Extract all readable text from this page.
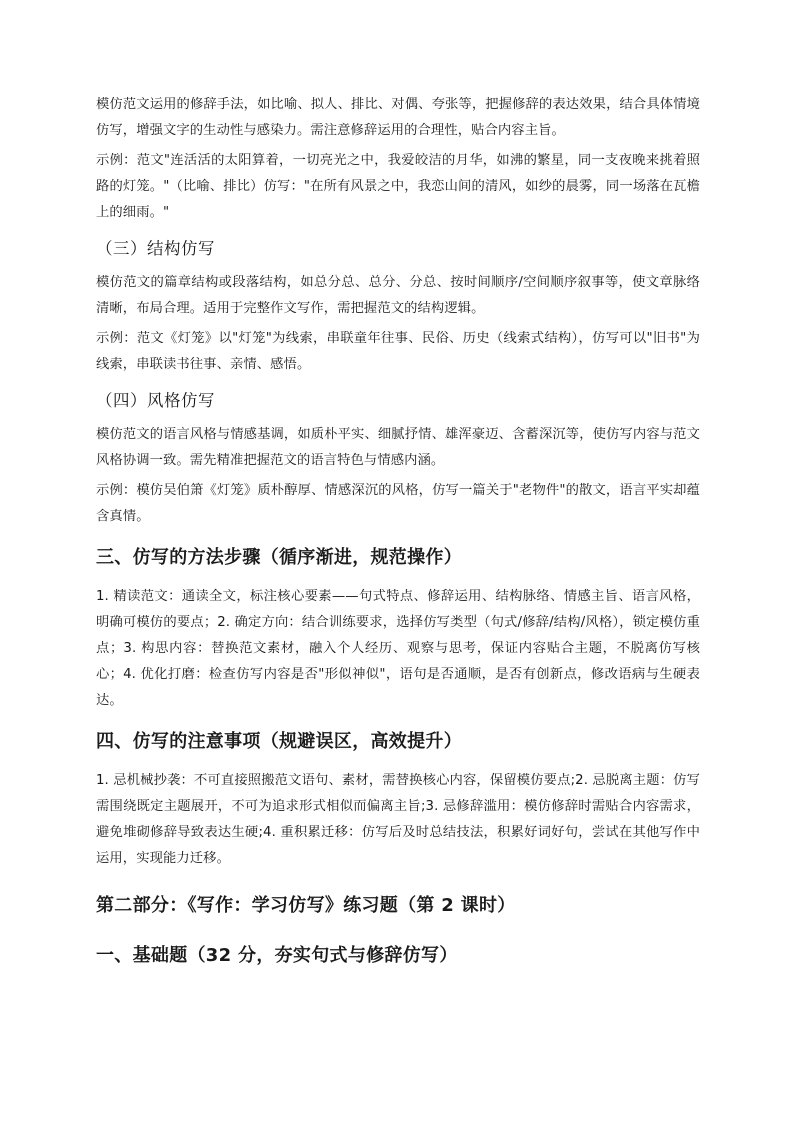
模仿范文运用的修辞手法，如比喻、拟人、排比、对偶、夸张等，把握修辞的表达效果，结合具体情境仿写，增强文字的生动性与感染力。需注意修辞运用的合理性，贴合内容主旨。

示例：范文"连活活的太阳算着，一切亮光之中，我爱皎洁的月华，如沸的繁星，同一支夜晚来挑着照路的灯笼。"（比喻、排比）仿写："在所有风景之中，我恋山间的清风，如纱的晨雾，同一场落在瓦檐上的细雨。"

（三）结构仿写

模仿范文的篇章结构或段落结构，如总分总、总分、分总、按时间顺序/空间顺序叙事等，使文章脉络清晰，布局合理。适用于完整作文写作，需把握范文的结构逻辑。

示例：范文《灯笼》以"灯笼"为线索，串联童年往事、民俗、历史（线索式结构），仿写可以"旧书"为线索，串联读书往事、亲情、感悟。

（四）风格仿写

模仿范文的语言风格与情感基调，如质朴平实、细腻抒情、雄浑豪迈、含蓄深沉等，使仿写内容与范文风格协调一致。需先精准把握范文的语言特色与情感内涵。

示例：模仿吴伯箫《灯笼》质朴醇厚、情感深沉的风格，仿写一篇关于"老物件"的散文，语言平实却蕴含真情。

三、仿写的方法步骤（循序渐进，规范操作）

1. 精读范文：通读全文，标注核心要素——句式特点、修辞运用、结构脉络、情感主旨、语言风格，明确可模仿的要点；2. 确定方向：结合训练要求，选择仿写类型（句式/修辞/结构/风格），锁定模仿重点；3. 构思内容：替换范文素材，融入个人经历、观察与思考，保证内容贴合主题，不脱离仿写核心；4. 优化打磨：检查仿写内容是否"形似神似"，语句是否通顺，是否有创新点，修改语病与生硬表达。

四、仿写的注意事项（规避误区，高效提升）

1. 忌机械抄袭：不可直接照搬范文语句、素材，需替换核心内容，保留模仿要点;2. 忌脱离主题：仿写需围绕既定主题展开，不可为追求形式相似而偏离主旨;3. 忌修辞滥用：模仿修辞时需贴合内容需求，避免堆砌修辞导致表达生硬;4. 重积累迁移：仿写后及时总结技法，积累好词好句，尝试在其他写作中运用，实现能力迁移。

第二部分：《写作：学习仿写》练习题（第 2 课时）
一、基础题（32 分，夯实句式与修辞仿写）
